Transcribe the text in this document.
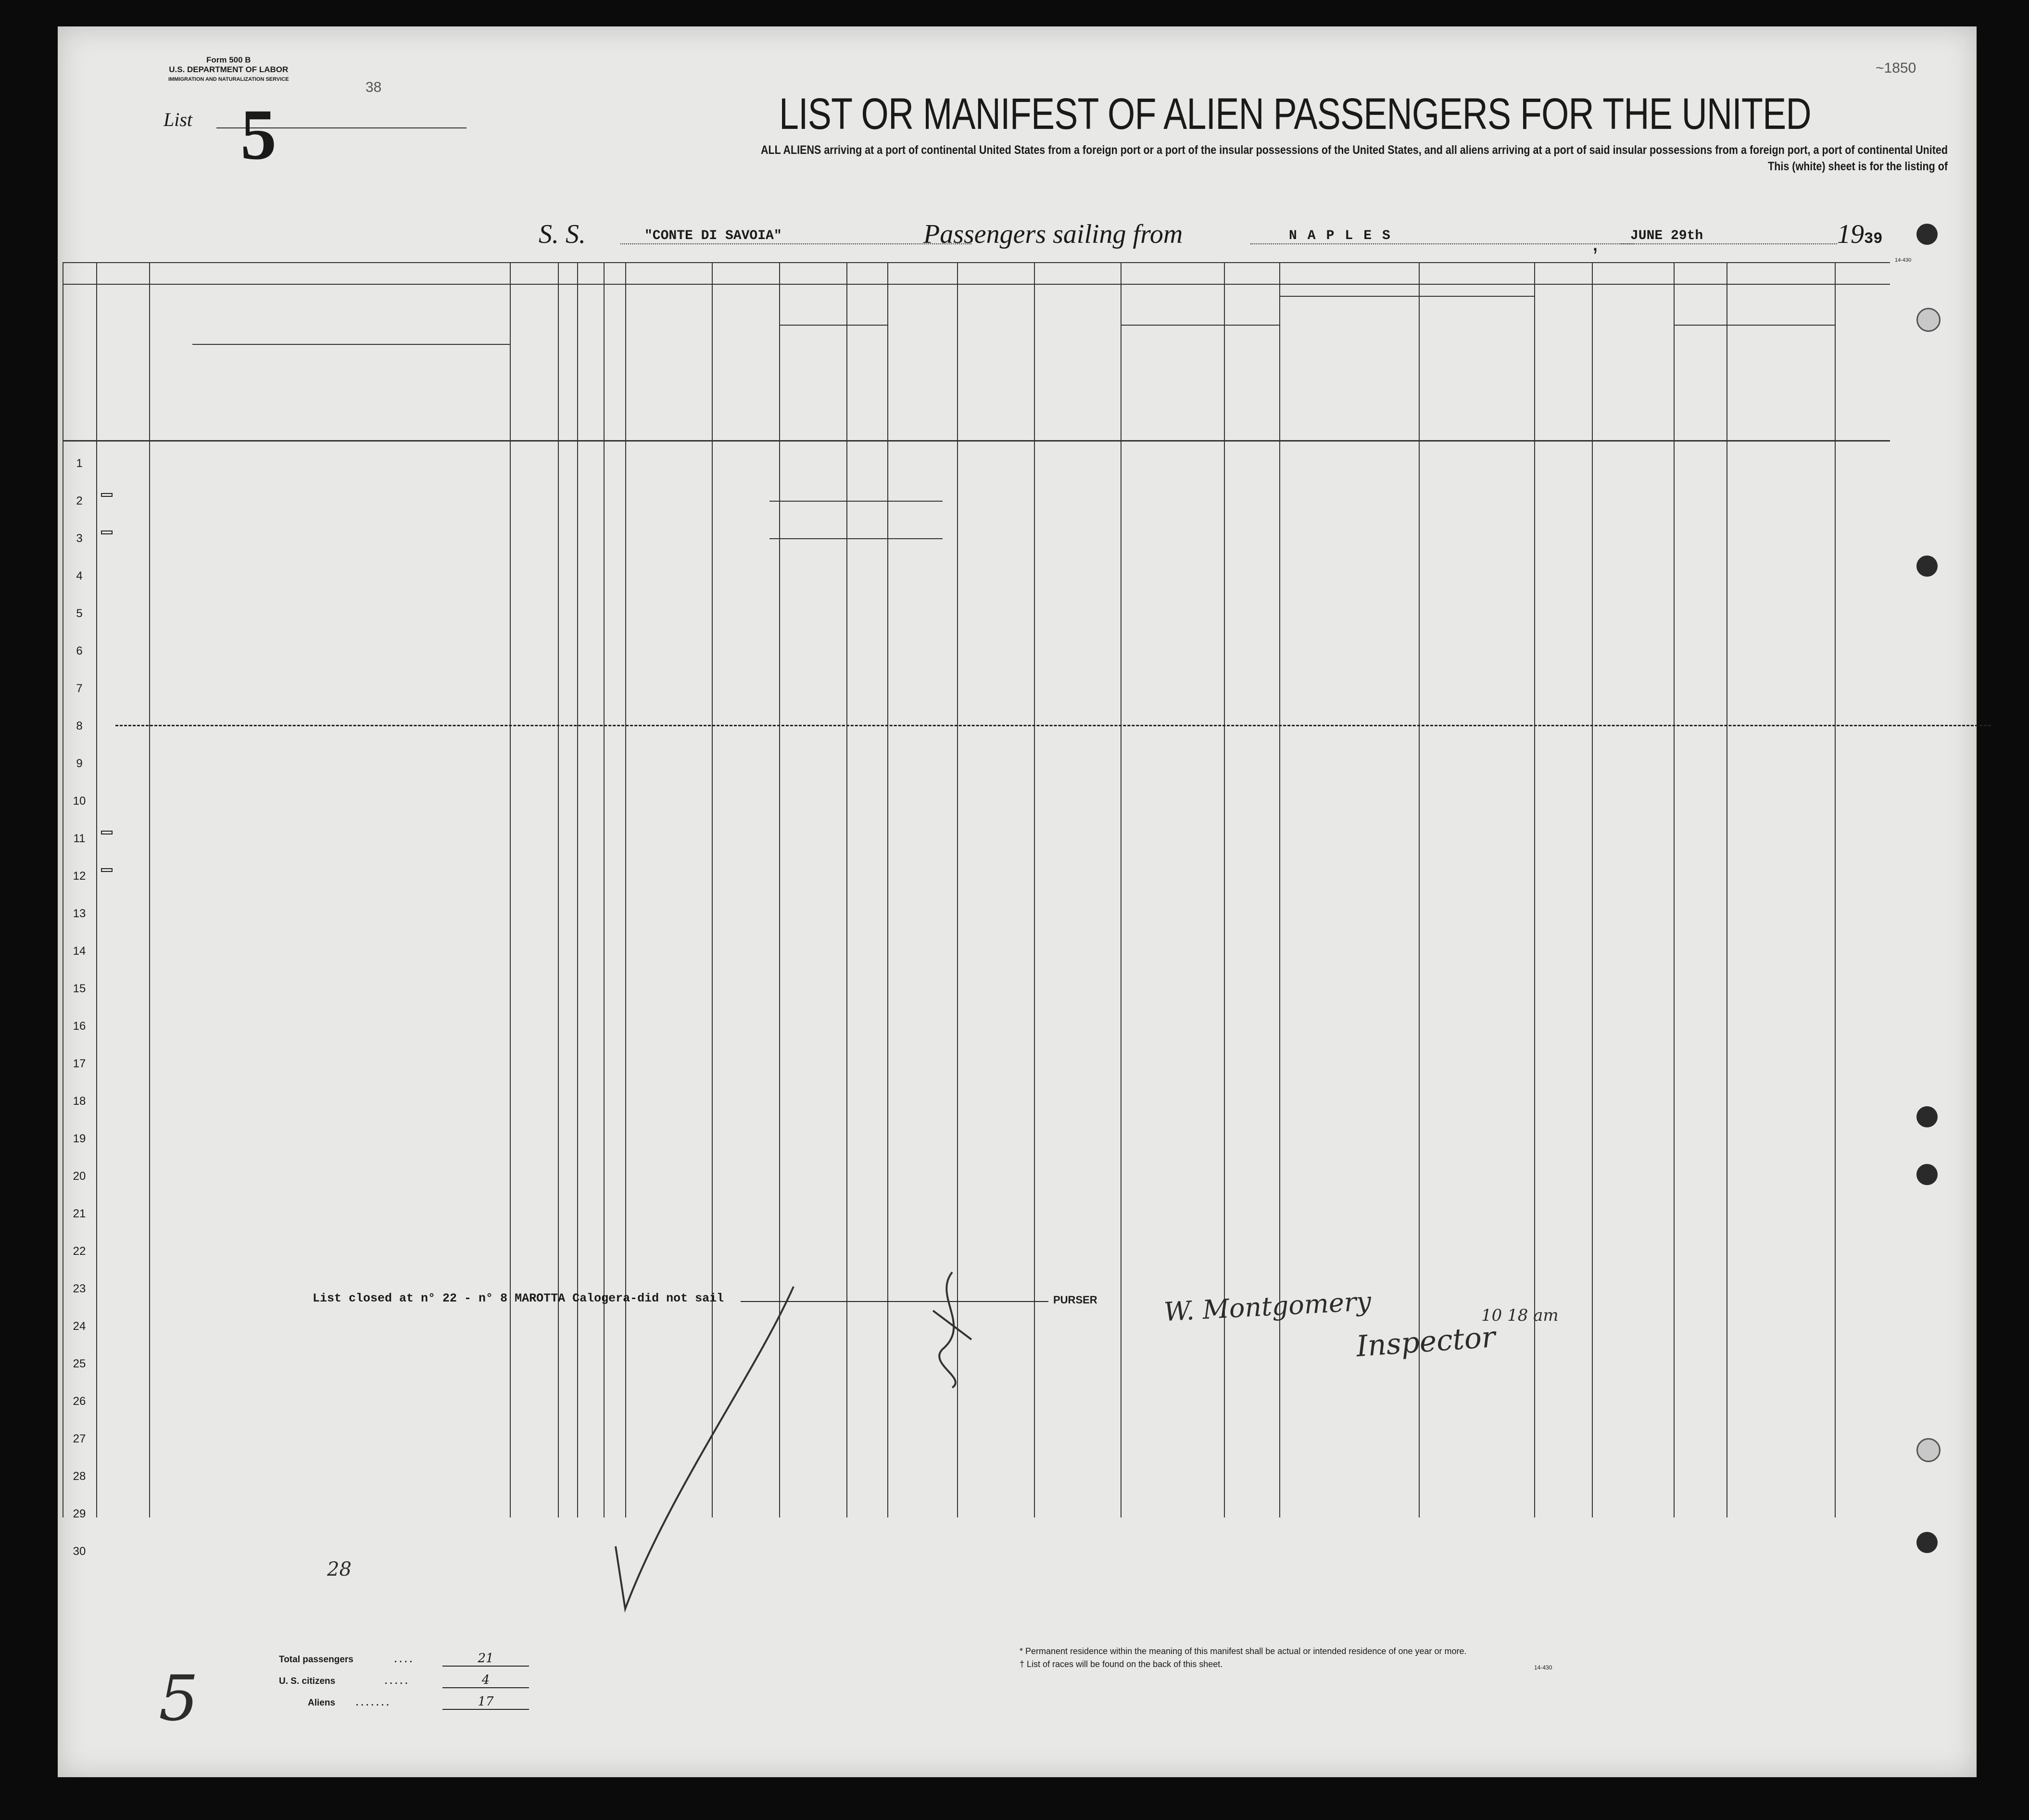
Form 500 B
U.S. DEPARTMENT OF LABOR
IMMIGRATION AND NATURALIZATION SERVICE
List 5
38
~1850
LIST OR MANIFEST OF ALIEN PASSENGERS FOR THE UNITED
ALL ALIENS arriving at a port of continental United States from a foreign port or a port of the insular possessions of the United States, and all aliens arriving at a port of said insular possessions from a foreign port, a port of continental United
This (white) sheet is for the listing of
S. S.	"CONTE DI SAVOIA"	Passengers sailing from	NAPLES	,	JUNE 29th	1939
14-430
1
2
3
4
5
6
7
8
9
10
11
12
13
14
15
16
17
18
19
20
21
22
23
24
25
26
27
28
29
30
List closed at n° 22 - n° 8 MAROTTA Calogera-did not sail	PURSER	W. Montgomery
Inspector
10 18 am
28
5
Total passengers	. . . .	21
U. S. citizens	. . . . .	4
Aliens . . . . . . .	17
* Permanent residence within the meaning of this manifest shall be actual or intended residence of one year or more.
† List of races will be found on the back of this sheet.	14-430
